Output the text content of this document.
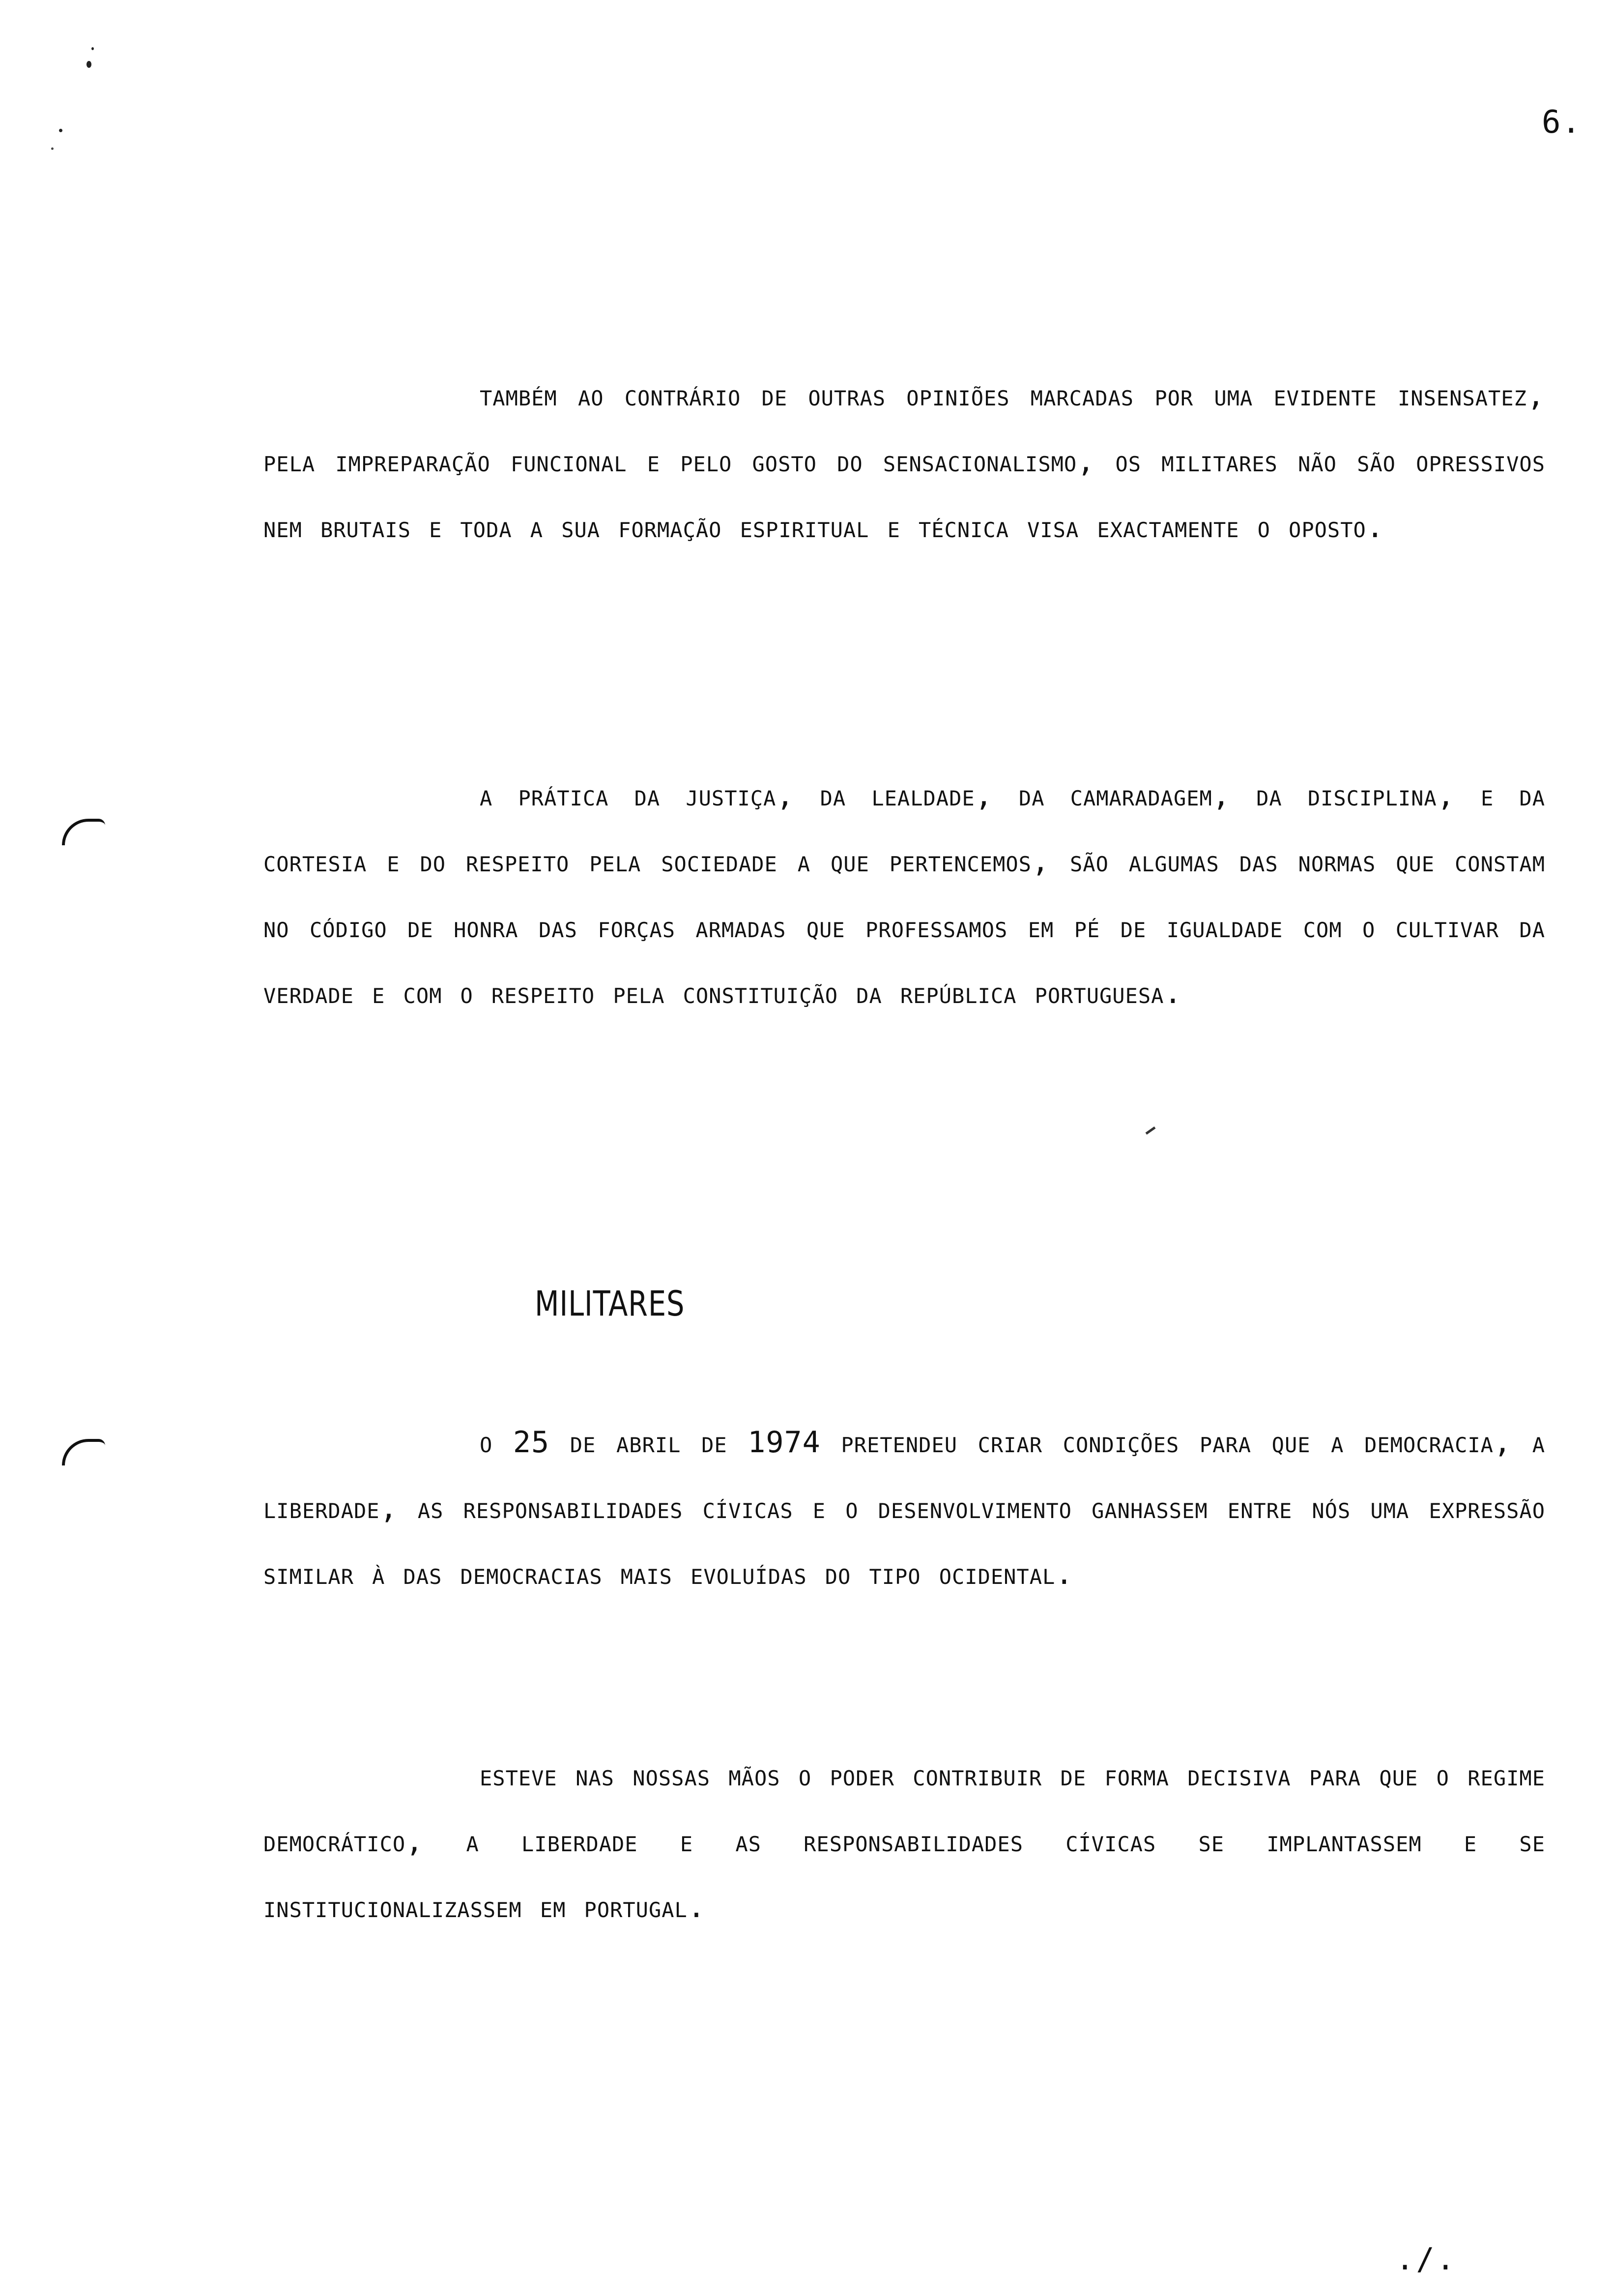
6.

também ao contrário de outras opiniões marcadas por uma evidente insensatez, pela impreparação funcional e pelo gosto do sensacionalismo, os militares não são opressivos nem brutais e toda a sua formação espiritual e técnica visa exactamente o oposto.

a prática da justiça, da lealdade, da camaradagem, da disciplina, e da cortesia e do respeito pela sociedade a que pertencemos, são algumas das normas que constam no código de honra das forças armadas que professamos em pé de igualdade com o cultivar da verdade e com o respeito pela constituição da república portuguesa.

MILITARES

o 25 de abril de 1974 pretendeu criar condições para que a democracia, a liberdade, as responsabilidades cívicas e o desenvolvimento ganhassem entre nós uma expressão similar à das democracias mais evoluídas do tipo ocidental.

esteve nas nossas mãos o poder contribuir de forma decisiva para que o regime democrático, a liberdade e as responsabilidades cívicas se implantassem e se institucionalizassem em portugal.

./.
